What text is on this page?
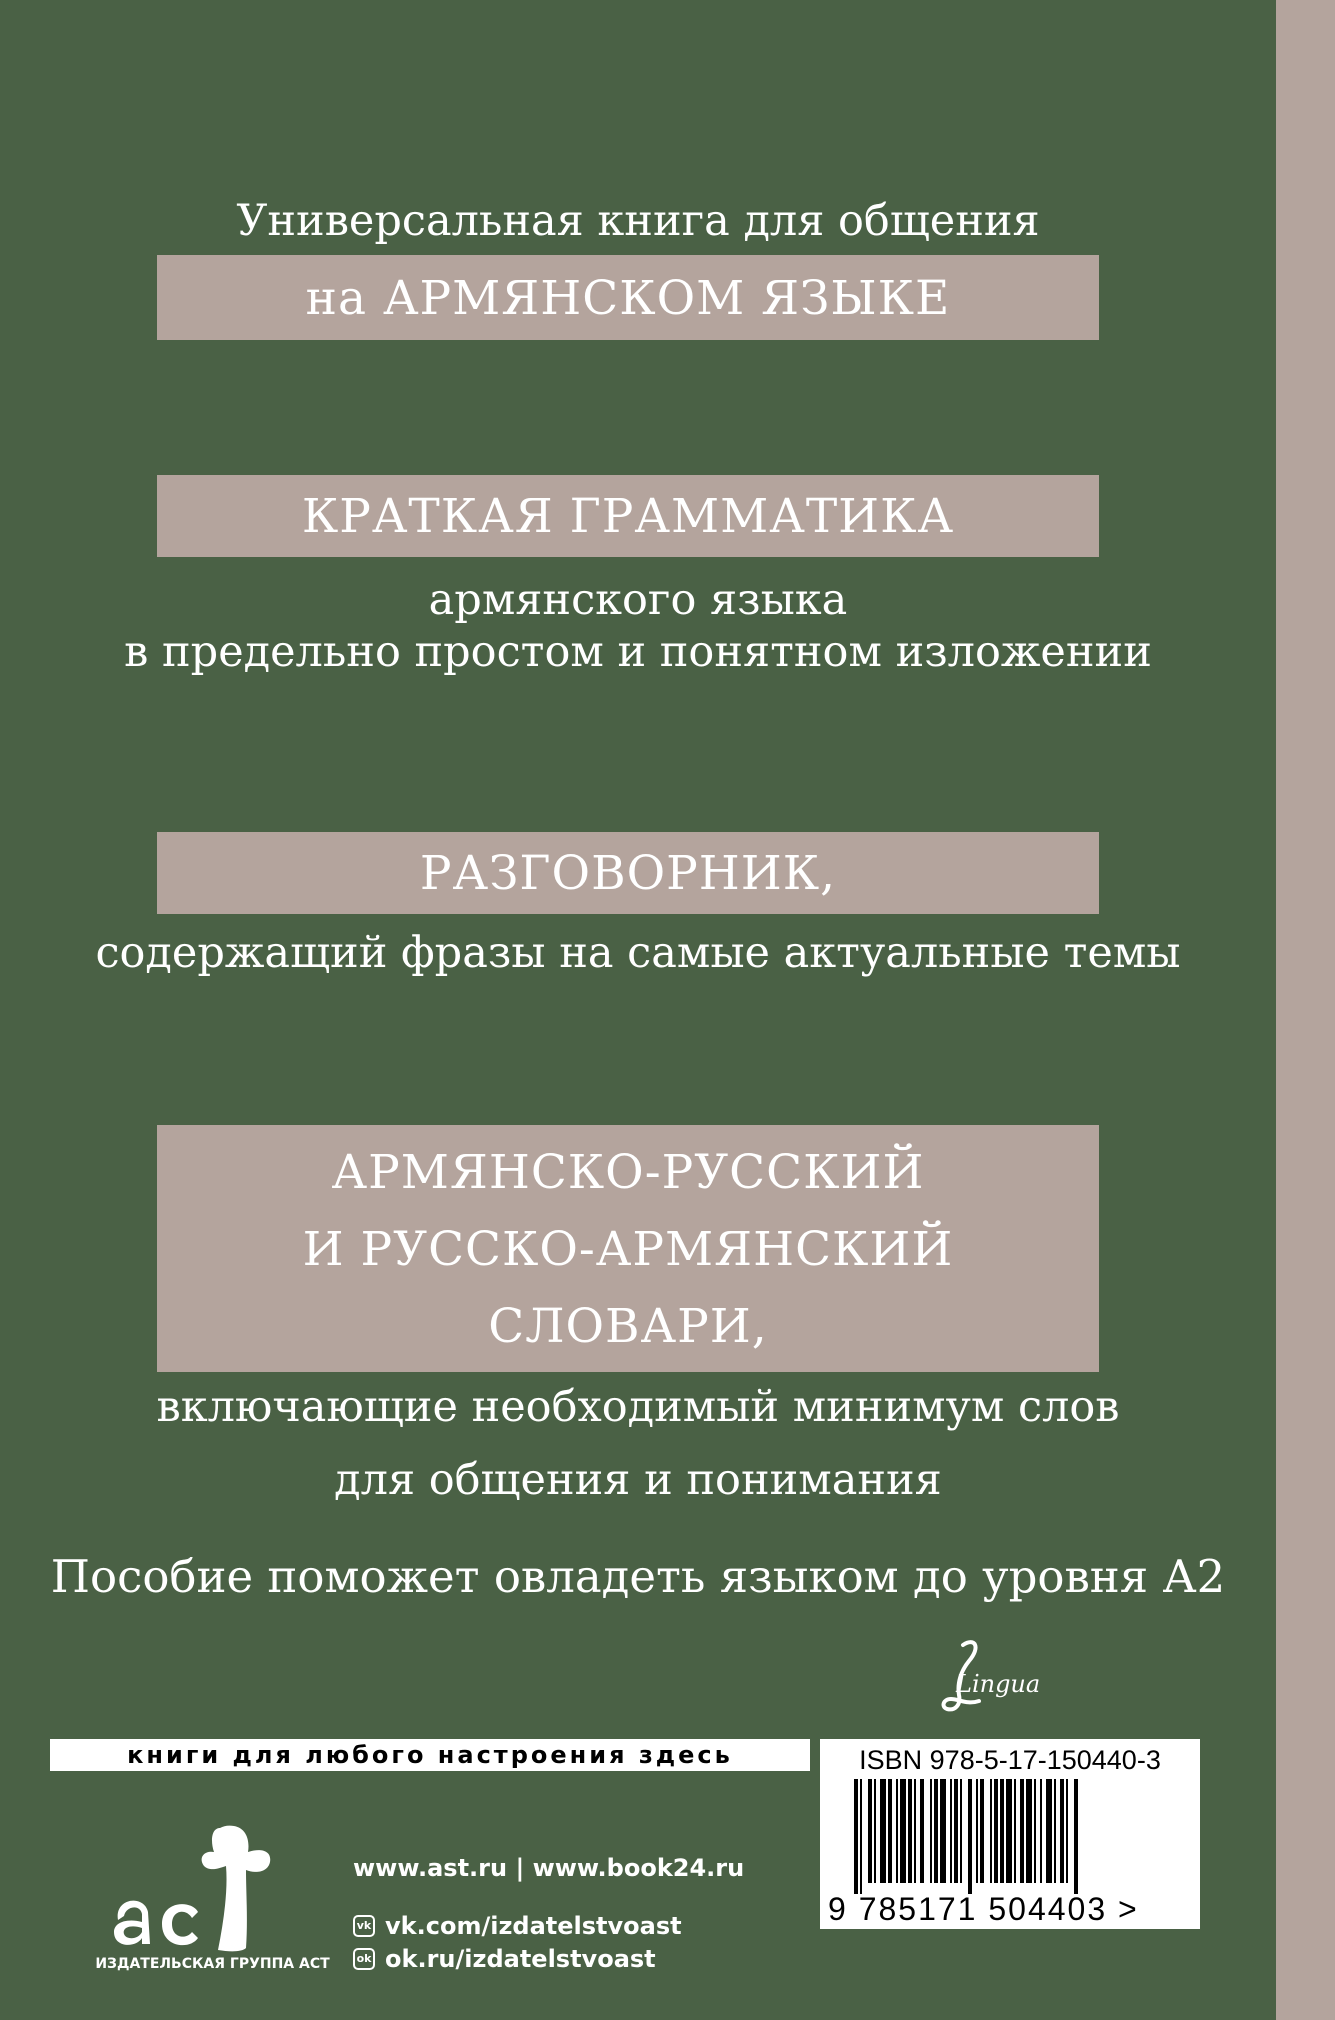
Универсальная книга для общения
на АРМЯНСКОМ ЯЗЫКЕ
КРАТКАЯ ГРАММАТИКА
армянского языка
в предельно простом и понятном изложении
РАЗГОВОРНИК,
содержащий фразы на самые актуальные темы
АРМЯНСКО-РУССКИЙ
И РУССКО-АРМЯНСКИЙ
СЛОВАРИ,
включающие необходимый минимум слов
для общения и понимания
Пособие поможет овладеть языком до уровня А2
Lingua
книги для любого настроения здесь
ИЗДАТЕЛЬСКАЯ ГРУППА АСТ
www.ast.ru | www.book24.ru
vk vk.com/izdatelstvoast
ok ok.ru/izdatelstvoast
ISBN 978-5-17-150440-3
9 785171 504403 >
